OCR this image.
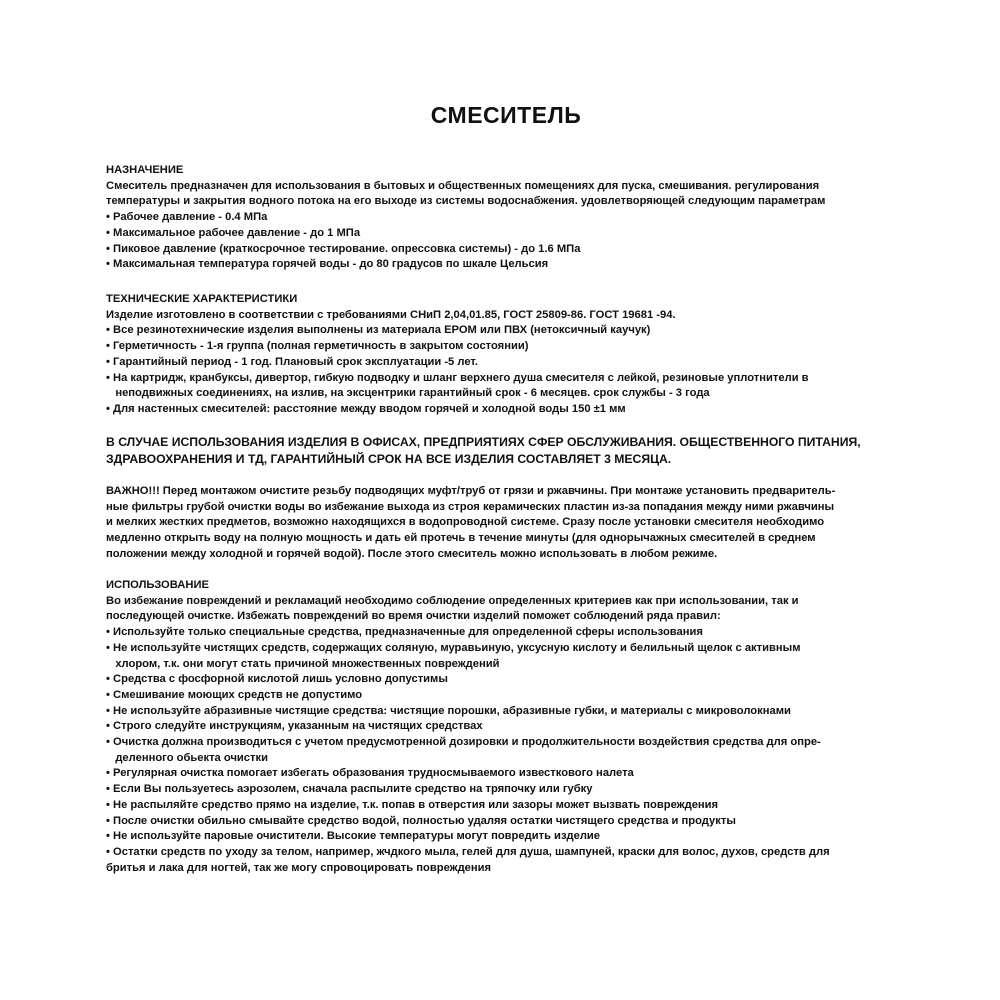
СМЕСИТЕЛЬ
НАЗНАЧЕНИЕ
Смеситель предназначен для использования в бытовых и общественных помещениях для пуска, смешивания. регулирования
температуры и закрытия водного потока на его выходе из системы водоснабжения. удовлетворяющей следующим параметрам
• Рабочее давление - 0.4 МПа
• Максимальное рабочее давление - до 1 МПа
• Пиковое давление (краткосрочное тестирование. опрессовка системы) - до 1.6 МПа
• Максимальная температура горячей воды - до 80 градусов по шкале Цельсия
ТЕХНИЧЕСКИЕ ХАРАКТЕРИСТИКИ
Изделие изготовлено в соответствии с требованиями СНиП 2,04,01.85, ГОСТ 25809-86. ГОСТ 19681 -94.
• Все резинотехнические изделия выполнены из материала ЕРОМ или ПВХ (нетоксичный каучук)
• Герметичность - 1-я группа (полная герметичность в закрытом состоянии)
• Гарантийный период - 1 год. Плановый срок эксплуатации -5 лет.
• На картридж, кранбуксы, дивертор, гибкую подводку и шланг верхнего душа смесителя с лейкой, резиновые уплотнители в
неподвижных соединениях, на излив, на эксцентрики гарантийный срок - 6 месяцев. срок службы - 3 года
• Для настенных смесителей: расстояние между вводом горячей и холодной воды 150 ±1 мм
В СЛУЧАЕ ИСПОЛЬЗОВАНИЯ ИЗДЕЛИЯ В ОФИСАХ, ПРЕДПРИЯТИЯХ СФЕР ОБСЛУЖИВАНИЯ. ОБЩЕСТВЕННОГО ПИТАНИЯ,
ЗДРАВООХРАНЕНИЯ И ТД, ГАРАНТИЙНЫЙ СРОК НА ВСЕ ИЗДЕЛИЯ СОСТАВЛЯЕТ 3 МЕСЯЦА.
ВАЖНО!!! Перед монтажом очистите резьбу подводящих муфт/труб от грязи и ржавчины. При монтаже установить предваритель-
ные фильтры грубой очистки воды во избежание выхода из строя керамических пластин из-за попадания между ними ржавчины
и мелких жестких предметов, возможно находящихся в водопроводной системе. Сразу после установки смесителя необходимо
медленно открыть воду на полную мощность и дать ей протечь в течение минуты (для однорычажных смесителей в среднем
положении между холодной и горячей водой). После этого смеситель можно использовать в любом режиме.
ИСПОЛЬЗОВАНИЕ
Во избежание повреждений и рекламаций необходимо соблюдение определенных критериев как при использовании, так и
последующей очистке. Избежать повреждений во время очистки изделий поможет соблюдений ряда правил:
• Используйте только специальные средства, предназначенные для определенной сферы использования
• Не используйте чистящих средств, содержащих соляную, муравьиную, уксусную кислоту и белильный щелок с активным
хлором, т.к. они могут стать причиной множественных повреждений
• Средства с фосфорной кислотой лишь условно допустимы
• Смешивание моющих средств не допустимо
• Не используйте абразивные чистящие средства: чистящие порошки, абразивные губки, и материалы с микроволокнами
• Строго следуйте инструкциям, указанным на чистящих средствах
• Очистка должна производиться с учетом предусмотренной дозировки и продолжительности воздействия средства для опре-
деленного обьекта очистки
• Регулярная очистка помогает избегать образования трудносмываемого известкового налета
• Если Вы пользуетесь аэрозолем, сначала распылите средство на тряпочку или губку
• Не распыляйте средство прямо на изделие, т.к. попав в отверстия или зазоры может вызвать повреждения
• После очистки обильно смывайте средство водой, полностью удаляя остатки чистящего средства и продукты
• Не используйте паровые очистители. Высокие температуры могут повредить изделие
• Остатки средств по уходу за телом, например, жчдкого мыла, гелей для душа, шампуней, краски для волос, духов, средств для
бритья и лака для ногтей, так же могу спровоцировать повреждения
